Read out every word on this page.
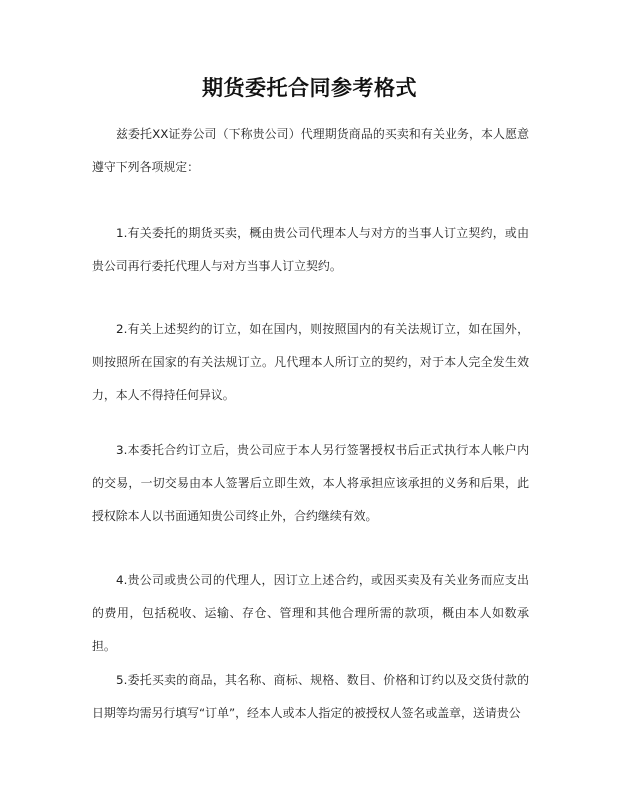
期货委托合同参考格式
兹委托XX证券公司（下称贵公司）代理期货商品的买卖和有关业务，本人愿意遵守下列各项规定：
1.有关委托的期货买卖，概由贵公司代理本人与对方的当事人订立契约，或由贵公司再行委托代理人与对方当事人订立契约。
2.有关上述契约的订立，如在国内，则按照国内的有关法规订立，如在国外，则按照所在国家的有关法规订立。凡代理本人所订立的契约，对于本人完全发生效力，本人不得持任何异议。
3.本委托合约订立后，贵公司应于本人另行签署授权书后正式执行本人帐户内的交易，一切交易由本人签署后立即生效，本人将承担应该承担的义务和后果，此授权除本人以书面通知贵公司终止外，合约继续有效。
4.贵公司或贵公司的代理人，因订立上述合约，或因买卖及有关业务而应支出的费用，包括税收、运输、存仓、管理和其他合理所需的款项，概由本人如数承担。
5.委托买卖的商品，其名称、商标、规格、数目、价格和订约以及交货付款的日期等均需另行填写“订单”，经本人或本人指定的被授权人签名或盖章，送请贵公
